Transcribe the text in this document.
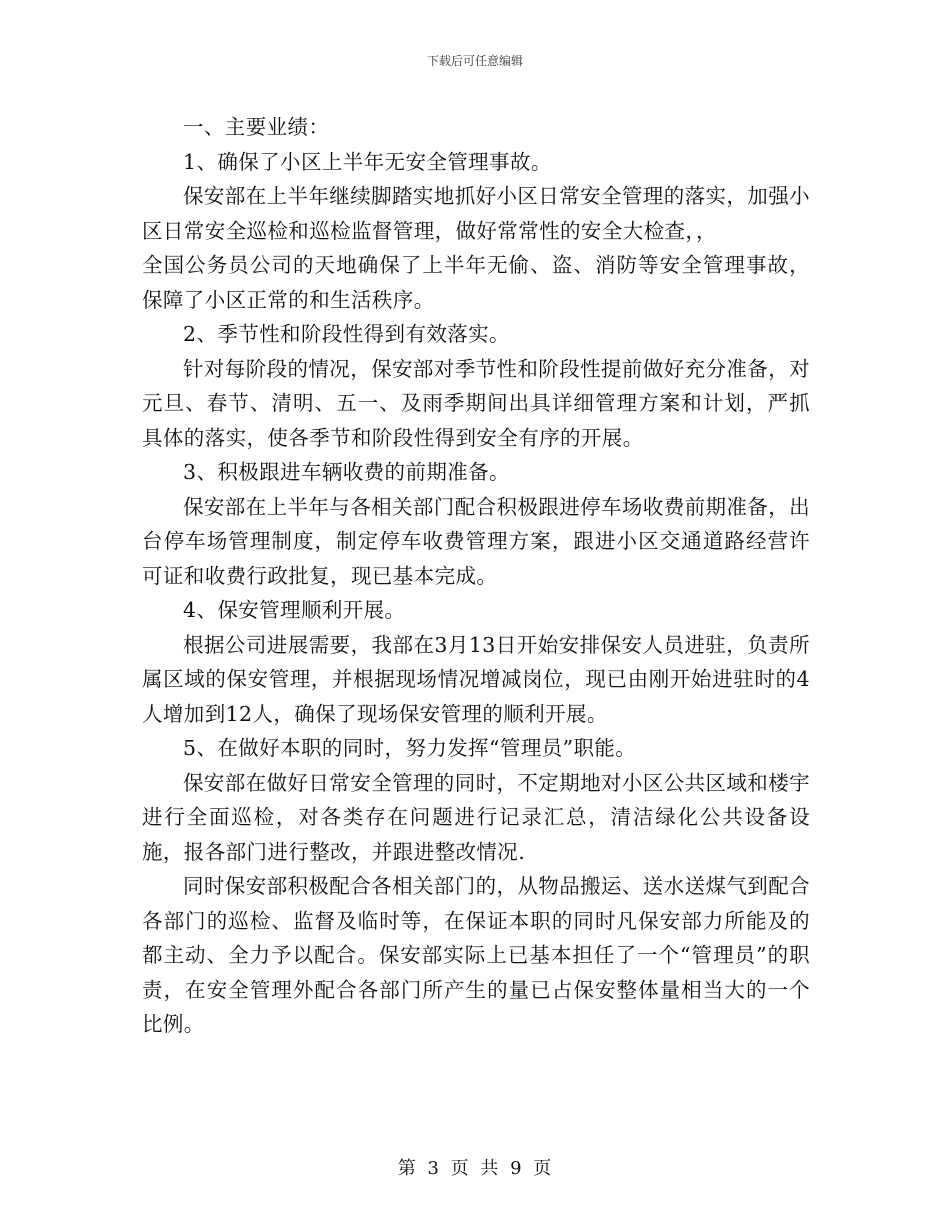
下载后可任意编辑

一、主要业绩：

1、确保了小区上半年无安全管理事故。

保安部在上半年继续脚踏实地抓好小区日常安全管理的落实，加强小区日常安全巡检和巡检监督管理，做好常常性的安全大检查，，

全国公务员公司的天地确保了上半年无偷、盗、消防等安全管理事故，保障了小区正常的和生活秩序。

2、季节性和阶段性得到有效落实。

针对每阶段的情况，保安部对季节性和阶段性提前做好充分准备，对元旦、春节、清明、五一、及雨季期间出具详细管理方案和计划，严抓具体的落实，使各季节和阶段性得到安全有序的开展。

3、积极跟进车辆收费的前期准备。

保安部在上半年与各相关部门配合积极跟进停车场收费前期准备，出台停车场管理制度，制定停车收费管理方案，跟进小区交通道路经营许可证和收费行政批复，现已基本完成。

4、保安管理顺利开展。

根据公司进展需要，我部在3月13日开始安排保安人员进驻，负责所属区域的保安管理，并根据现场情况增减岗位，现已由刚开始进驻时的4人增加到12人，确保了现场保安管理的顺利开展。

5、在做好本职的同时，努力发挥“管理员”职能。

保安部在做好日常安全管理的同时，不定期地对小区公共区域和楼宇进行全面巡检，对各类存在问题进行记录汇总，清洁绿化公共设备设施，报各部门进行整改，并跟进整改情况.

同时保安部积极配合各相关部门的，从物品搬运、送水送煤气到配合各部门的巡检、监督及临时等，在保证本职的同时凡保安部力所能及的都主动、全力予以配合。保安部实际上已基本担任了一个“管理员”的职责，在安全管理外配合各部门所产生的量已占保安整体量相当大的一个比例。

第 3 页 共 9 页
